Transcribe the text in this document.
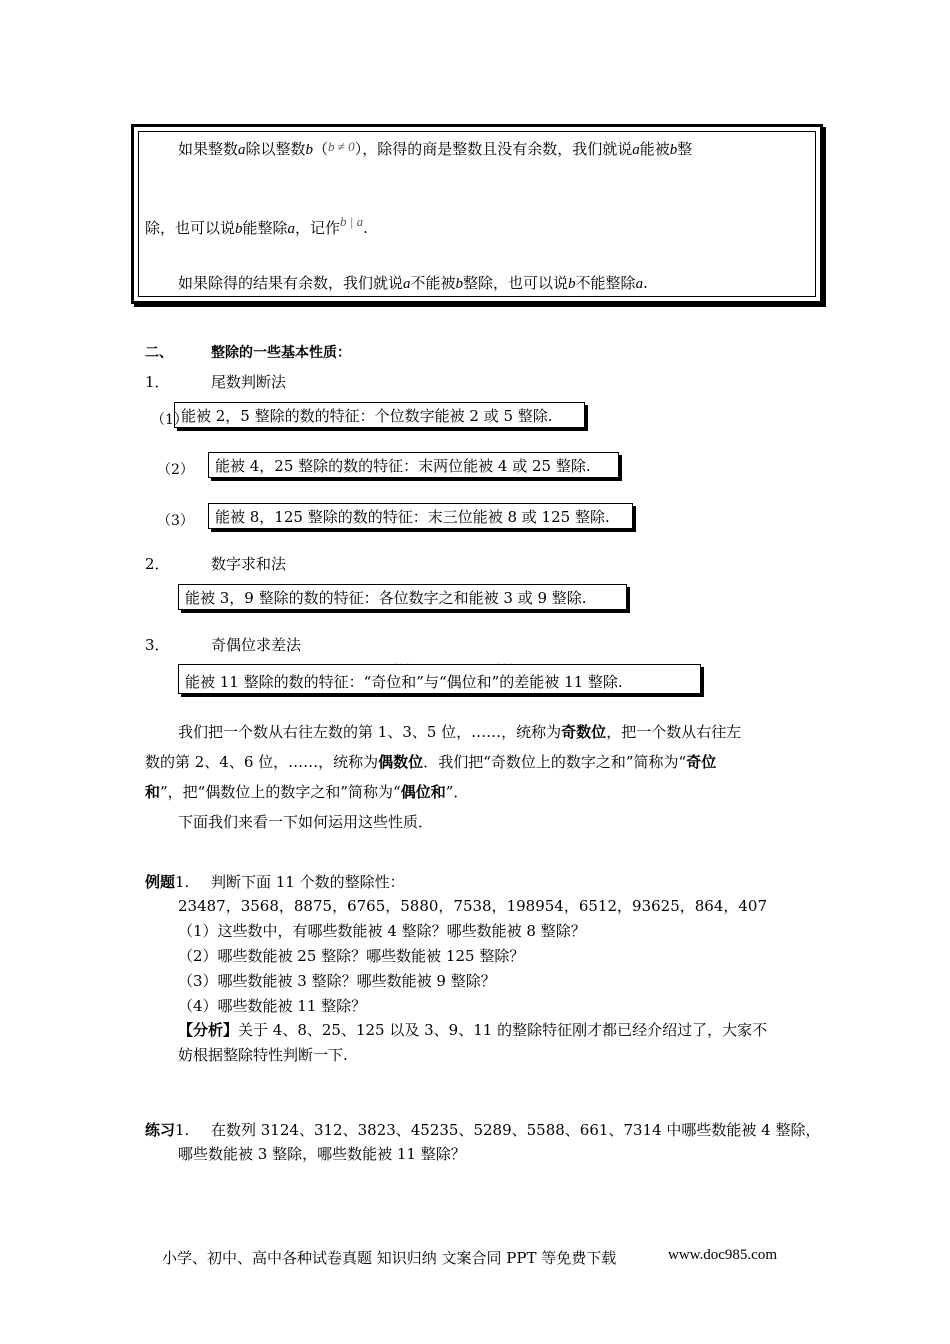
如果整数a除以整数b（b ≠ 0），除得的商是整数且没有余数，我们就说a能被b整
除，也可以说b能整除a，记作b | a.
如果除得的结果有余数，我们就说a不能被b整除，也可以说b不能整除a.
二、	整除的一些基本性质：
1．	尾数判断法
（1）
能被 2，5 整除的数的特征：个位数字能被 2 或 5 整除.
（2）	能被 4，25 整除的数的特征：末两位能被 4 或 25 整除.
（3）	能被 8，125 整除的数的特征：末三位能被 8 或 125 整除.
2．	数字求和法
能被 3，9 整除的数的特征：各位数字之和能被 3 或 9 整除.
3．	奇偶位求差法
···	···
能被 11 整除的数的特征：“奇位和”与“偶位和”的差能被 11 整除.
我们把一个数从右往左数的第 1、3、5 位，……，统称为奇数位，把一个数从右往左
数的第 2、4、6 位，……，统称为偶数位．我们把“奇数位上的数字之和”简称为“奇位
和”，把“偶数位上的数字之和”简称为“偶位和”．
下面我们来看一下如何运用这些性质．
例题1. 判断下面 11 个数的整除性：
23487，3568，8875，6765，5880，7538，198954，6512，93625，864，407
（1）这些数中，有哪些数能被 4 整除？哪些数能被 8 整除？
（2）哪些数能被 25 整除？哪些数能被 125 整除？
（3）哪些数能被 3 整除？哪些数能被 9 整除？
（4）哪些数能被 11 整除？
【分析】关于 4、8、25、125 以及 3、9、11 的整除特征刚才都已经介绍过了，大家不
妨根据整除特性判断一下.
练习1. 在数列 3124、312、3823、45235、5289、5588、661、7314 中哪些数能被 4 整除，
哪些数能被 3 整除，哪些数能被 11 整除？
小学、初中、高中各种试卷真题 知识归纳 文案合同 PPT 等免费下载	www.doc985.com
